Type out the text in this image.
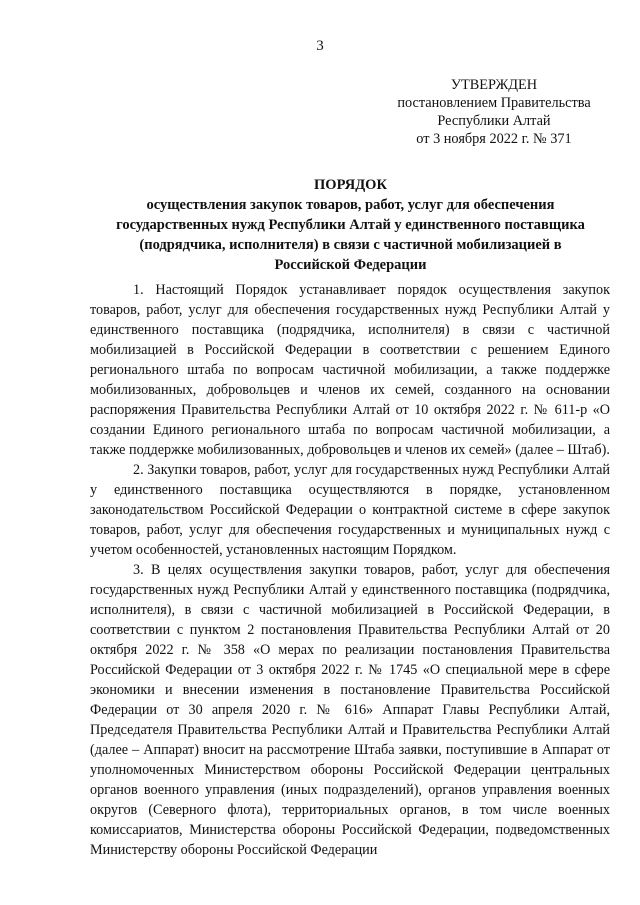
3
УТВЕРЖДЕН
постановлением Правительства
Республики Алтай
от 3 ноября 2022 г. № 371
ПОРЯДОК
осуществления закупок товаров, работ, услуг для обеспечения
государственных нужд Республики Алтай у единственного поставщика
(подрядчика, исполнителя) в связи с частичной мобилизацией в
Российской Федерации

1. Настоящий Порядок устанавливает порядок осуществления закупок товаров, работ, услуг для обеспечения государственных нужд Республики Алтай у единственного поставщика (подрядчика, исполнителя) в связи с частичной мобилизацией в Российской Федерации в соответствии с решением Единого регионального штаба по вопросам частичной мобилизации, а также поддержке мобилизованных, добровольцев и членов их семей, созданного на основании распоряжения Правительства Республики Алтай от 10 октября 2022 г. № 611-р «О создании Единого регионального штаба по вопросам частичной мобилизации, а также поддержке мобилизованных, добровольцев и членов их семей» (далее – Штаб).

2. Закупки товаров, работ, услуг для государственных нужд Республики Алтай у единственного поставщика осуществляются в порядке, установленном законодательством Российской Федерации о контрактной системе в сфере закупок товаров, работ, услуг для обеспечения государственных и муниципальных нужд с учетом особенностей, установленных настоящим Порядком.

3. В целях осуществления закупки товаров, работ, услуг для обеспечения государственных нужд Республики Алтай у единственного поставщика (подрядчика, исполнителя), в связи с частичной мобилизацией в Российской Федерации, в соответствии с пунктом 2 постановления Правительства Республики Алтай от 20 октября 2022 г. № 358 «О мерах по реализации постановления Правительства Российской Федерации от 3 октября 2022 г. № 1745 «О специальной мере в сфере экономики и внесении изменения в постановление Правительства Российской Федерации от 30 апреля 2020 г. № 616» Аппарат Главы Республики Алтай, Председателя Правительства Республики Алтай и Правительства Республики Алтай (далее – Аппарат) вносит на рассмотрение Штаба заявки, поступившие в Аппарат от уполномоченных Министерством обороны Российской Федерации центральных органов военного управления (иных подразделений), органов управления военных округов (Северного флота), территориальных органов, в том числе военных комиссариатов, Министерства обороны Российской Федерации, подведомственных Министерству обороны Российской Федерации
